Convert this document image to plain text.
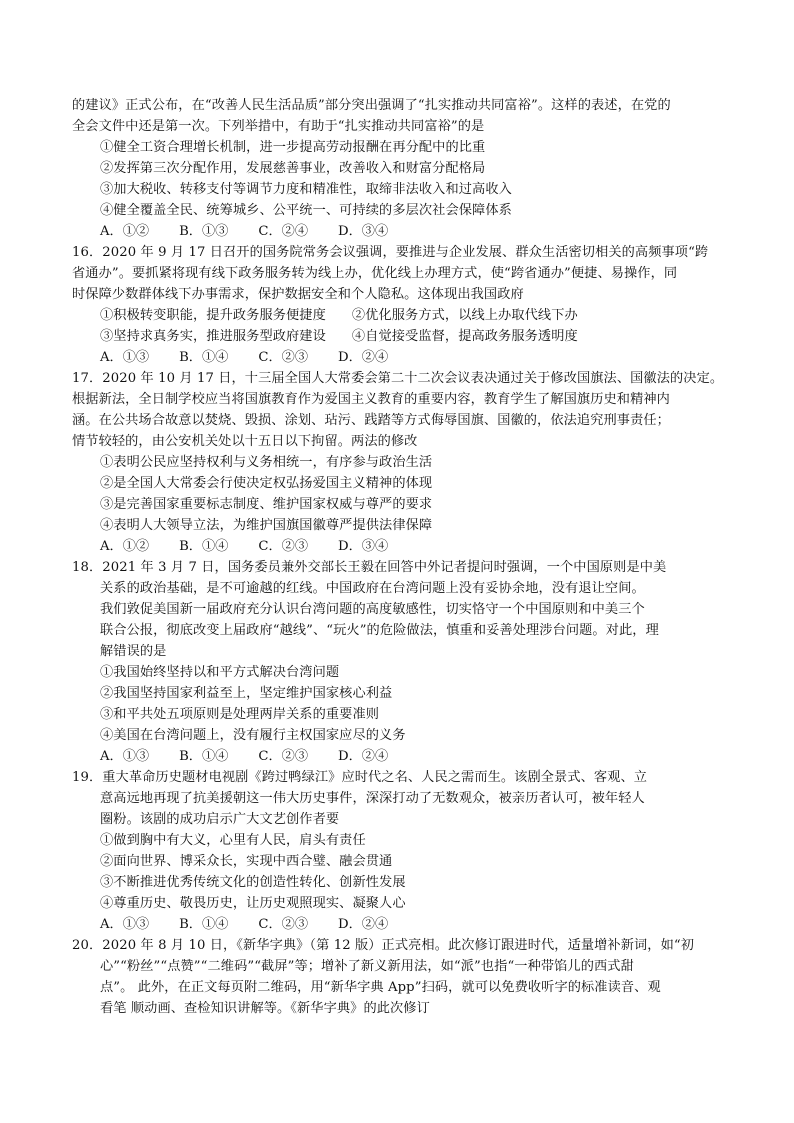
的建议》正式公布，在“改善人民生活品质”部分突出强调了“扎实推动共同富裕”。这样的表述，在党的
全会文件中还是第一次。下列举措中，有助于“扎实推动共同富裕”的是
①健全工资合理增长机制，进一步提高劳动报酬在再分配中的比重
②发挥第三次分配作用，发展慈善事业，改善收入和财富分配格局
③加大税收、转移支付等调节力度和精准性，取缔非法收入和过高收入
④健全覆盖全民、统筹城乡、公平统一、可持续的多层次社会保障体系
A．①② B．①③ C．②④ D．③④
16．2020 年 9 月 17 日召开的国务院常务会议强调，要推进与企业发展、群众生活密切相关的高频事项“跨
省通办”。要抓紧将现有线下政务服务转为线上办，优化线上办理方式，使“跨省通办”便捷、易操作，同
时保障少数群体线下办事需求，保护数据安全和个人隐私。这体现出我国政府
①积极转变职能，提升政务服务便捷度 ②优化服务方式，以线上办取代线下办
③坚持求真务实，推进服务型政府建设 ④自觉接受监督，提高政务服务透明度
A．①③ B．①④ C．②③ D．②④
17．2020 年 10 月 17 日，十三届全国人大常委会第二十二次会议表决通过关于修改国旗法、国徽法的决定。
根据新法，全日制学校应当将国旗教育作为爱国主义教育的重要内容，教育学生了解国旗历史和精神内
涵。在公共场合故意以焚烧、毁损、涂划、玷污、践踏等方式侮辱国旗、国徽的，依法追究刑事责任；
情节较轻的，由公安机关处以十五日以下拘留。两法的修改
①表明公民应坚持权利与义务相统一，有序参与政治生活
②是全国人大常委会行使决定权弘扬爱国主义精神的体现
③是完善国家重要标志制度、维护国家权威与尊严的要求
④表明人大领导立法，为维护国旗国徽尊严提供法律保障
A．①② B．①④ C．②③ D．③④
18．2021 年 3 月 7 日，国务委员兼外交部长王毅在回答中外记者提问时强调，一个中国原则是中美
关系的政治基础，是不可逾越的红线。中国政府在台湾问题上没有妥协余地，没有退让空间。
我们敦促美国新一届政府充分认识台湾问题的高度敏感性，切实恪守一个中国原则和中美三个
联合公报，彻底改变上届政府“越线”、“玩火”的危险做法，慎重和妥善处理涉台问题。对此，理
解错误的是
①我国始终坚持以和平方式解决台湾问题
②我国坚持国家利益至上，坚定维护国家核心利益
③和平共处五项原则是处理两岸关系的重要准则
④美国在台湾问题上，没有履行主权国家应尽的义务
A．①③ B．①④ C．②③ D．②④
19．重大革命历史题材电视剧《跨过鸭绿江》应时代之名、人民之需而生。该剧全景式、客观、立
意高远地再现了抗美援朝这一伟大历史事件，深深打动了无数观众，被亲历者认可，被年轻人
圈粉。该剧的成功启示广大文艺创作者要
①做到胸中有大义，心里有人民，肩头有责任
②面向世界、博采众长，实现中西合璧、融会贯通
③不断推进优秀传统文化的创造性转化、创新性发展
④尊重历史、敬畏历史，让历史观照现实、凝聚人心
A．①③ B．①④ C．②③ D．②④
20．2020 年 8 月 10 日，《新华字典》（第 12 版）正式亮相。此次修订跟进时代，适量增补新词，如“初
心”“粉丝”“点赞”“二维码”“截屏”等；增补了新义新用法，如“派”也指“一种带馅儿的西式甜
点”。 此外，在正文每页附二维码，用“新华字典 App”扫码，就可以免费收听字的标准读音、观
看笔 顺动画、查检知识讲解等。《新华字典》的此次修订
